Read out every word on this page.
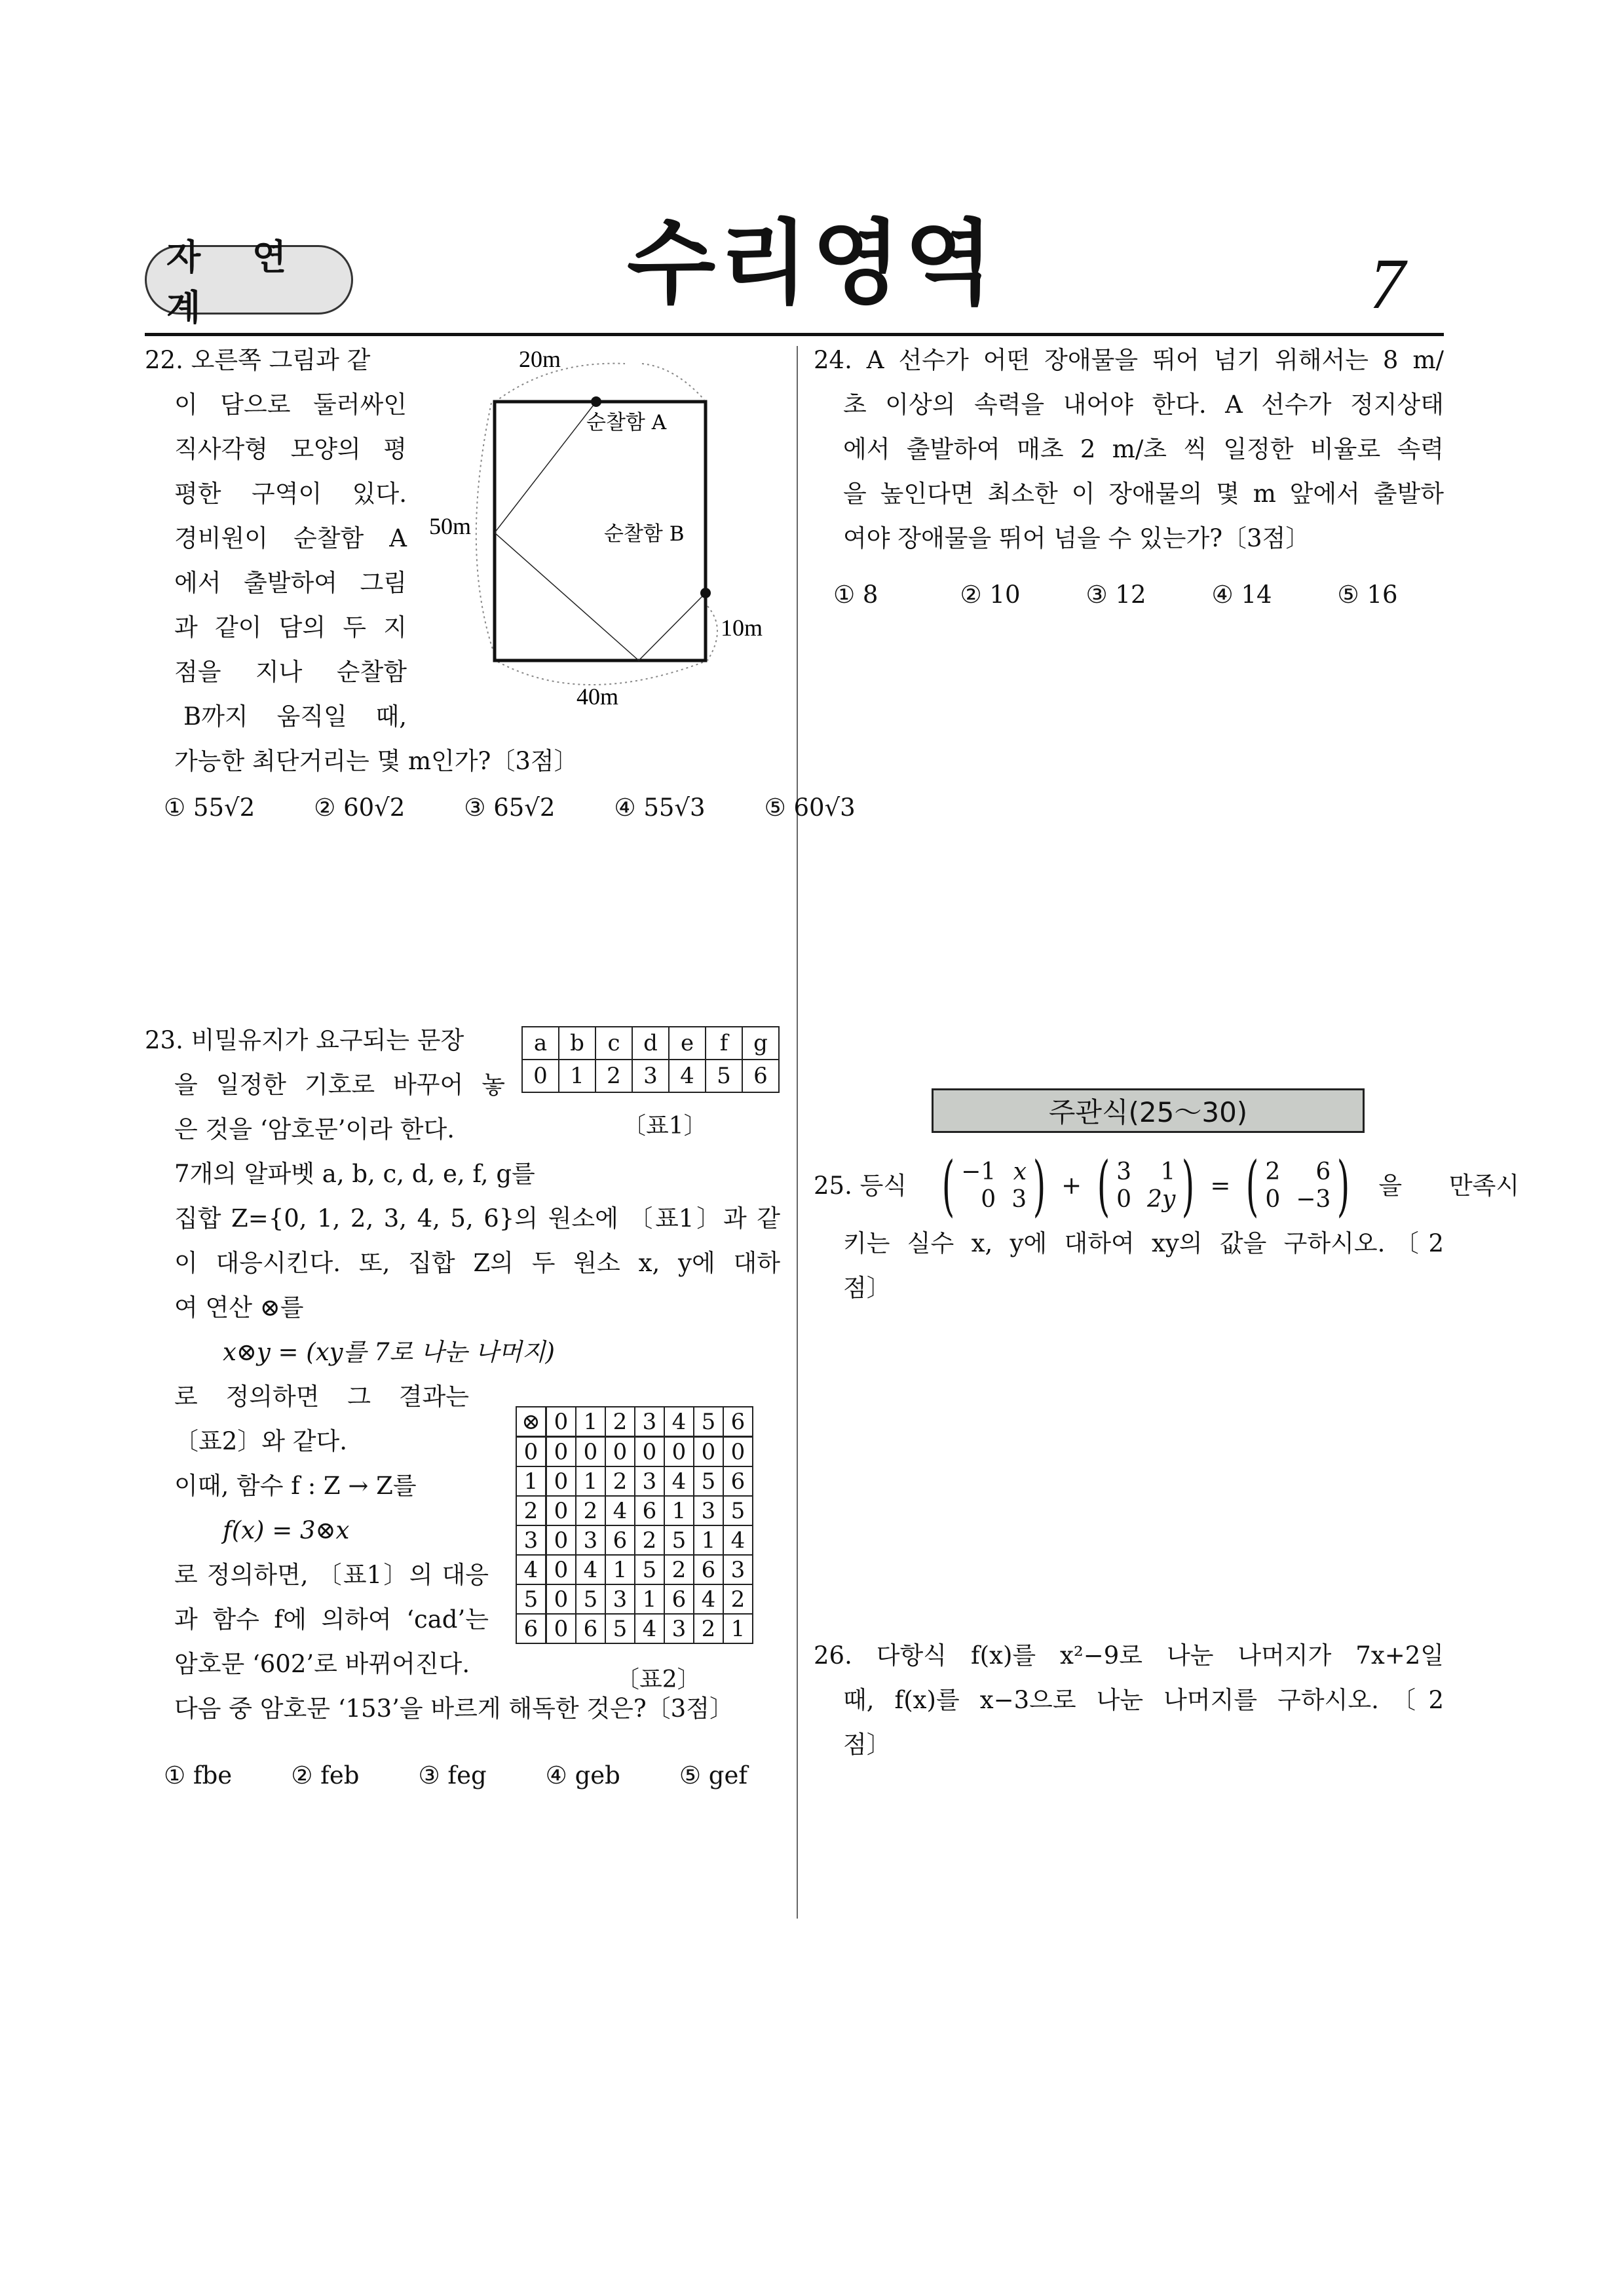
자 연 계	수리영역	7
22. 오른쪽 그림과 같
이 담으로 둘러싸인
직사각형 모양의 평
평한 구역이 있다.
경비원이 순찰함 A
에서 출발하여 그림
과 같이 담의 두 지
점을 지나 순찰함
B까지 움직일 때,
가능한 최단거리는 몇 m인가?〔3점〕
① 55√2 ② 60√2 ③ 65√2 ④ 55√3 ⑤ 60√3
20m
50m
40m
10m
순찰함 A
순찰함 B
23. 비밀유지가 요구되는 문장
을 일정한 기호로 바꾸어 놓
은 것을 ‘암호문’이라 한다.
7개의 알파벳 a, b, c, d, e, f, g를
집합 Z={0, 1, 2, 3, 4, 5, 6}의 원소에 〔표1〕과 같
이 대응시킨다. 또, 집합 Z의 두 원소 x, y에 대하
여 연산 ⊗를
x⊗y = (xy를 7로 나눈 나머지)
로 정의하면 그 결과는
〔표2〕와 같다.
이때, 함수 f : Z → Z를
f(x) = 3⊗x
로 정의하면, 〔표1〕의 대응
과 함수 f에 의하여 ‘cad’는
암호문 ‘602’로 바뀌어진다.
다음 중 암호문 ‘153’을 바르게 해독한 것은?〔3점〕
① fbe ② feb ③ feg ④ geb ⑤ gef
a	b	c	d	e	f	g
0	1	2	3	4	5	6
〔표1〕
⊗	0	1	2	3	4	5	6
0	0	0	0	0	0	0	0
1	0	1	2	3	4	5	6
2	0	2	4	6	1	3	5
3	0	3	6	2	5	1	4
4	0	4	1	5	2	6	3
5	0	5	3	1	6	4	2
6	0	6	5	4	3	2	1
〔표2〕
24. A 선수가 어떤 장애물을 뛰어 넘기 위해서는 8 m/
초 이상의 속력을 내어야 한다. A 선수가 정지상태
에서 출발하여 매초 2 m/초 씩 일정한 비율로 속력
을 높인다면 최소한 이 장애물의 몇 m 앞에서 출발하
여야 장애물을 뛰어 넘을 수 있는가?〔3점〕
① 8	② 10	③ 12	④ 14	⑤ 16
주관식(25～30)
25. 등식 ( −1 x
0 3 ) + ( 3	1
0 2y ) = ( 2	6
0 −3 ) 을 만족시
키는 실수 x, y에 대하여 xy의 값을 구하시오.〔2
점〕
26. 다항식 f(x)를 x²−9로 나눈 나머지가 7x+2일
때, f(x)를 x−3으로 나눈 나머지를 구하시오.〔2
점〕
